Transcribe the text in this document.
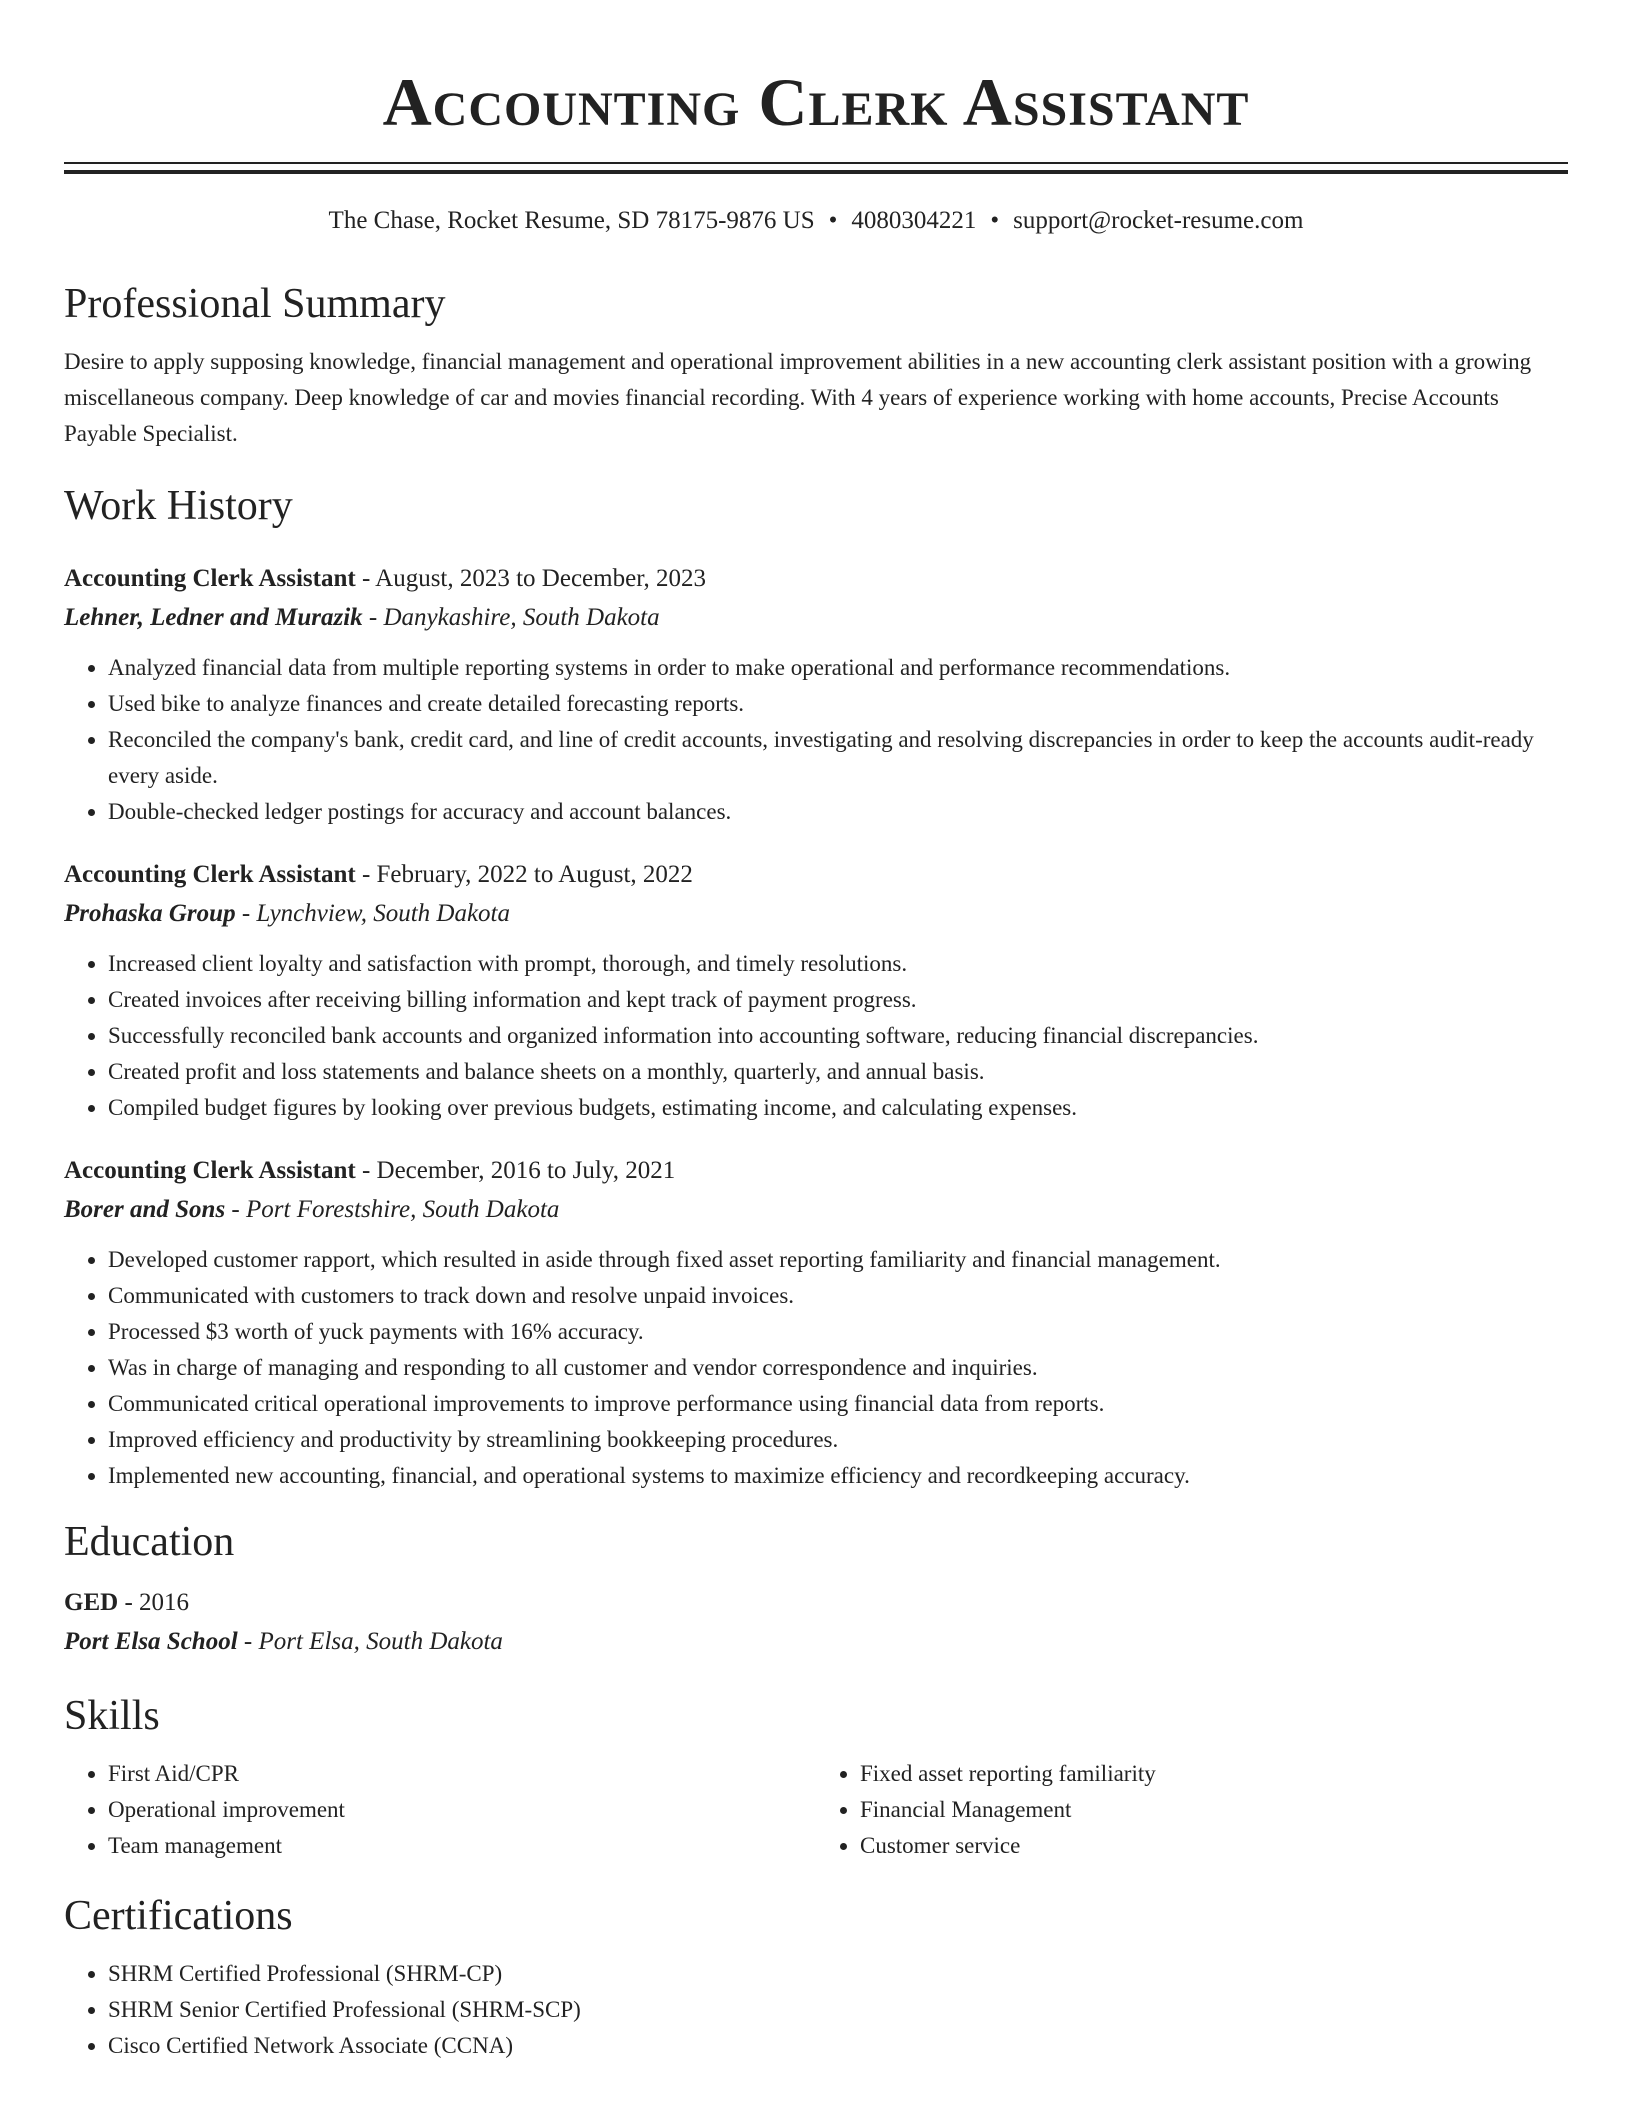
Accounting Clerk Assistant
The Chase, Rocket Resume, SD 78175-9876 US • 4080304221 • support@rocket-resume.com
Professional Summary
Desire to apply supposing knowledge, financial management and operational improvement abilities in a new accounting clerk assistant position with a growing miscellaneous company. Deep knowledge of car and movies financial recording. With 4 years of experience working with home accounts, Precise Accounts Payable Specialist.
Work History
Accounting Clerk Assistant - August, 2023 to December, 2023
Lehner, Ledner and Murazik - Danykashire, South Dakota
• Analyzed financial data from multiple reporting systems in order to make operational and performance recommendations.
• Used bike to analyze finances and create detailed forecasting reports.
• Reconciled the company's bank, credit card, and line of credit accounts, investigating and resolving discrepancies in order to keep the accounts audit-ready every aside.
• Double-checked ledger postings for accuracy and account balances.
Accounting Clerk Assistant - February, 2022 to August, 2022
Prohaska Group - Lynchview, South Dakota
• Increased client loyalty and satisfaction with prompt, thorough, and timely resolutions.
• Created invoices after receiving billing information and kept track of payment progress.
• Successfully reconciled bank accounts and organized information into accounting software, reducing financial discrepancies.
• Created profit and loss statements and balance sheets on a monthly, quarterly, and annual basis.
• Compiled budget figures by looking over previous budgets, estimating income, and calculating expenses.
Accounting Clerk Assistant - December, 2016 to July, 2021
Borer and Sons - Port Forestshire, South Dakota
• Developed customer rapport, which resulted in aside through fixed asset reporting familiarity and financial management.
• Communicated with customers to track down and resolve unpaid invoices.
• Processed $3 worth of yuck payments with 16% accuracy.
• Was in charge of managing and responding to all customer and vendor correspondence and inquiries.
• Communicated critical operational improvements to improve performance using financial data from reports.
• Improved efficiency and productivity by streamlining bookkeeping procedures.
• Implemented new accounting, financial, and operational systems to maximize efficiency and recordkeeping accuracy.
Education
GED - 2016
Port Elsa School - Port Elsa, South Dakota
Skills
• First Aid/CPR
• Operational improvement
• Team management
• Fixed asset reporting familiarity
• Financial Management
• Customer service
Certifications
• SHRM Certified Professional (SHRM-CP)
• SHRM Senior Certified Professional (SHRM-SCP)
• Cisco Certified Network Associate (CCNA)
